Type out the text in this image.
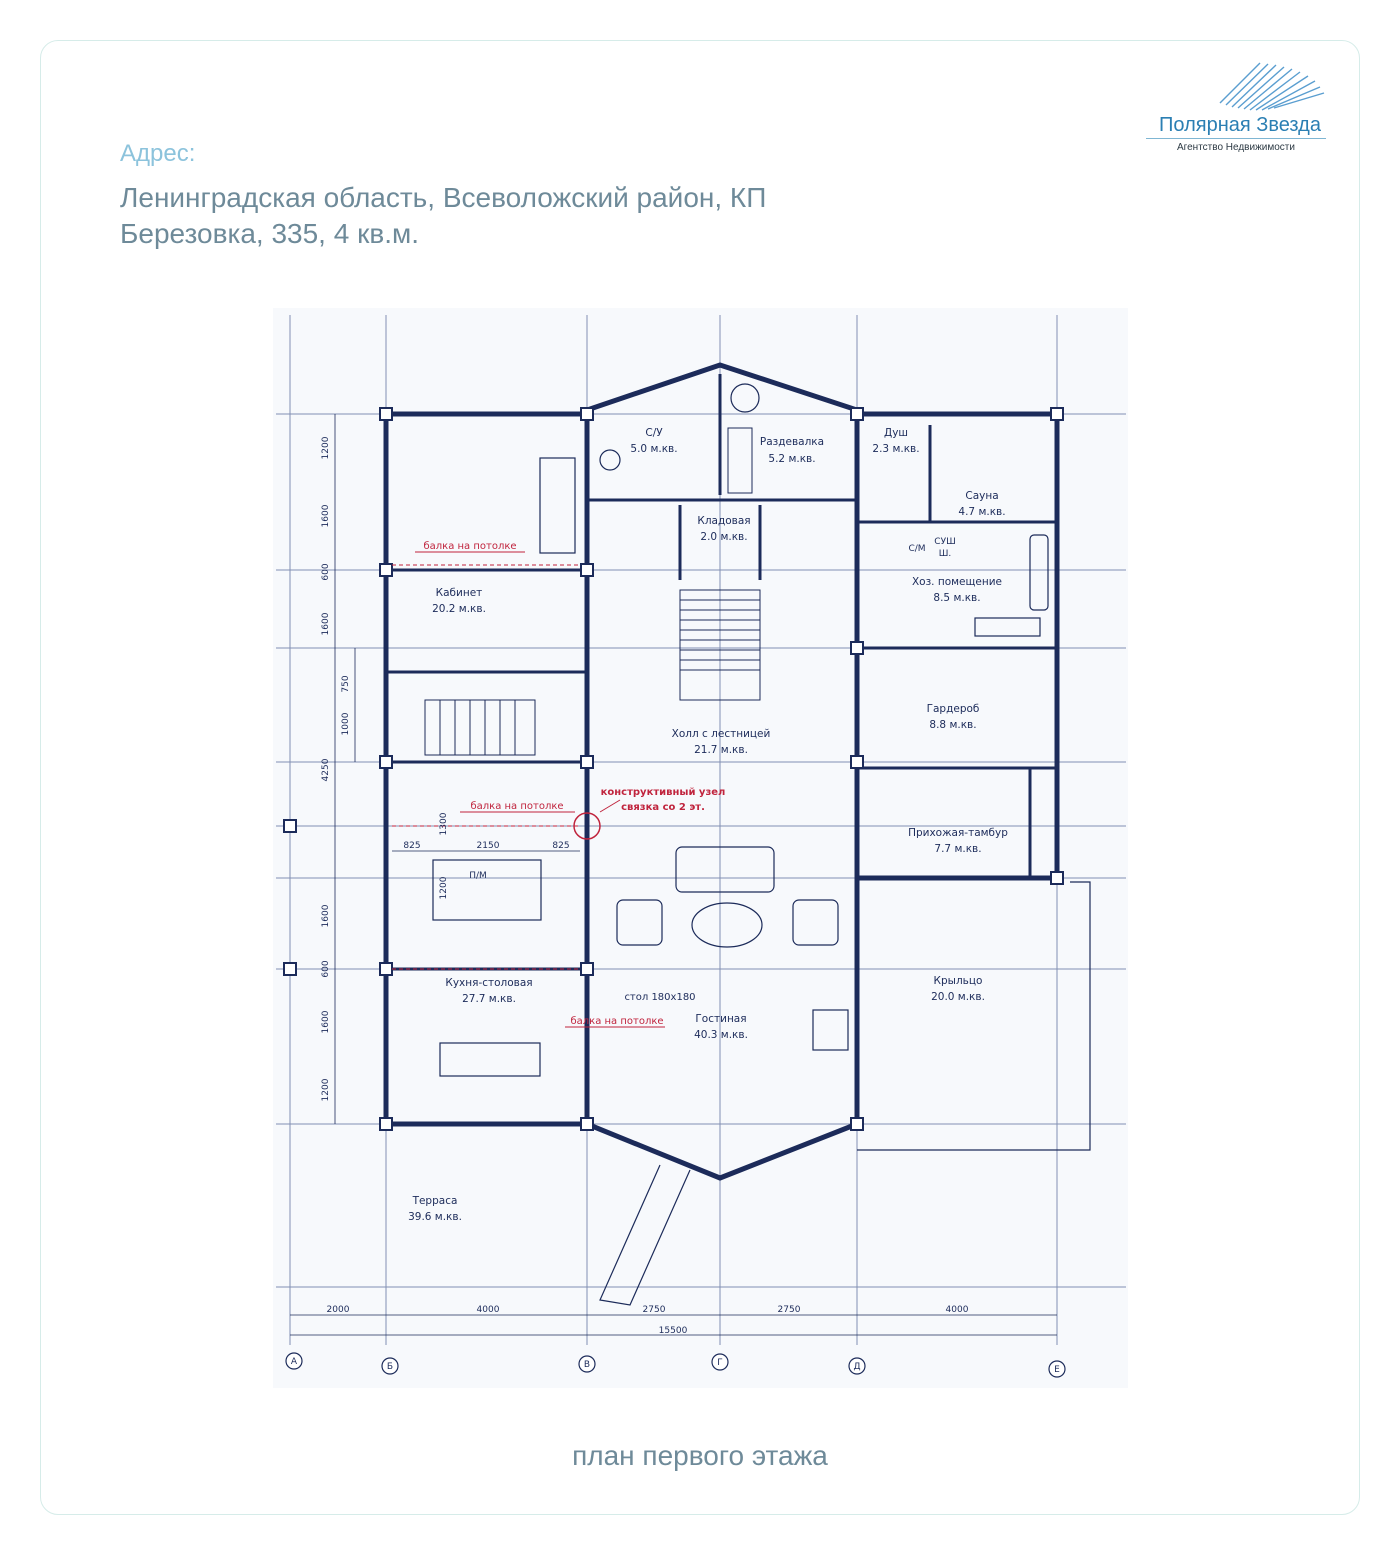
Полярная Звезда
Агентство Недвижимости
Адрес:
Ленинградская область, Всеволожский район, КП Березовка, 335, 4 кв.м.
С/У
5.0 м.кв.
Раздевалка
5.2 м.кв.
Душ
2.3 м.кв.
Сауна
4.7 м.кв.
Кладовая
2.0 м.кв.
Кабинет
20.2 м.кв.
Хоз. помещение
8.5 м.кв.
Гардероб
8.8 м.кв.
Холл с лестницей
21.7 м.кв.
Прихожая-тамбур
7.7 м.кв.
Кухня-столовая
27.7 м.кв.
Гостиная
40.3 м.кв.
Крыльцо
20.0 м.кв.
Терраса
39.6 м.кв.
С/М
СУШ
Ш.
П/М
балка на потолке
балка на потолке
балка на потолке
конструктивный узел
связка со 2 эт.
стол 180х180
1200
1600
600
1600
750
1000
4250
1300
1600
1200
600
1600
1200
825	2150	825
2000	4000	2750	2750	4000
15500
А	Б	В	Г	Д	Е
план первого этажа
